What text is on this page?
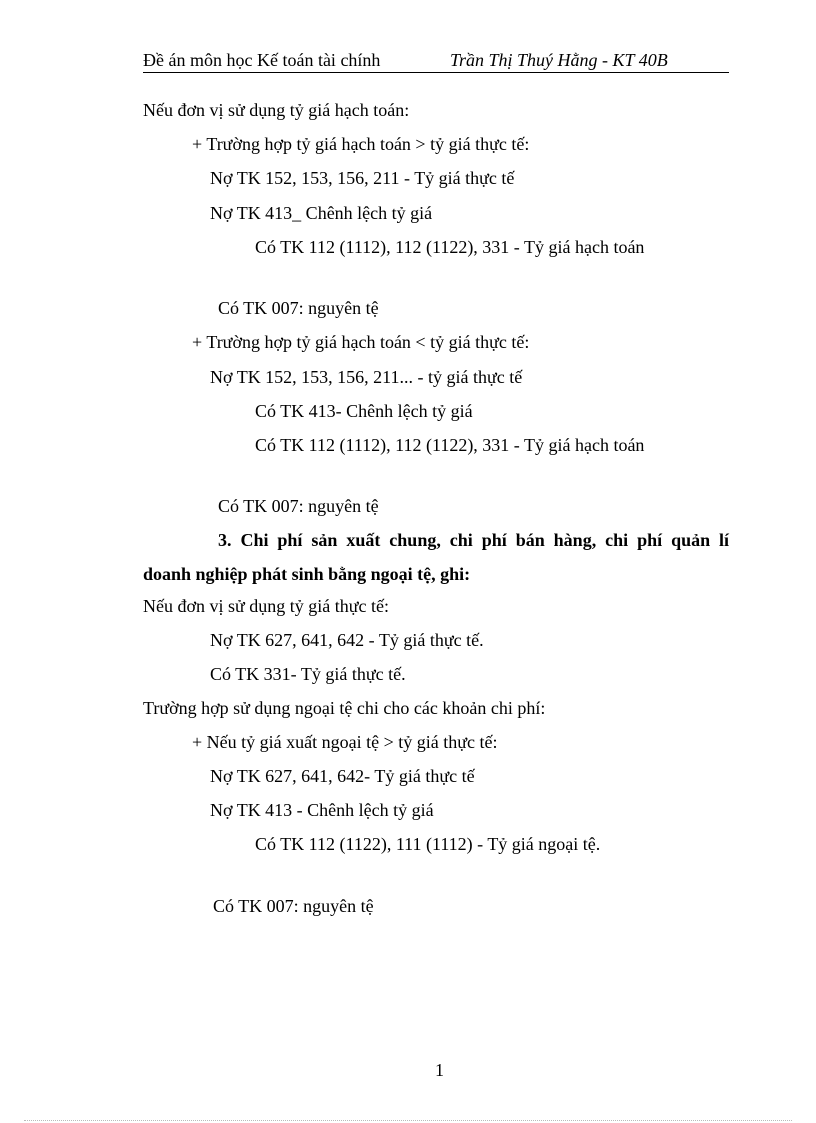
Đề án môn học Kế toán tài chính	Trần Thị Thuý Hằng - KT 40B
Nếu đơn vị sử dụng tỷ giá hạch toán:
+ Trường hợp tỷ giá hạch toán > tỷ giá thực tế:
Nợ TK 152, 153, 156, 211 - Tỷ giá thực tế
Nợ TK 413_ Chênh lệch tỷ giá
Có TK 112 (1112), 112 (1122), 331 - Tỷ giá hạch toán
Có TK 007: nguyên tệ
+ Trường hợp tỷ giá hạch toán < tỷ giá thực tế:
Nợ TK 152, 153, 156, 211... - tỷ giá thực tế
Có TK 413- Chênh lệch tỷ giá
Có TK 112 (1112), 112 (1122), 331 - Tỷ giá hạch toán
Có TK 007: nguyên tệ
3. Chi phí sản xuất chung, chi phí bán hàng, chi phí quản lí
doanh nghiệp phát sinh bằng ngoại tệ, ghi:
Nếu đơn vị sử dụng tỷ giá thực tế:
Nợ TK 627, 641, 642 - Tỷ giá thực tế.
Có TK 331- Tỷ giá thực tế.
Trường hợp sử dụng ngoại tệ chi cho các khoản chi phí:
+ Nếu tỷ giá xuất ngoại tệ > tỷ giá thực tế:
Nợ TK 627, 641, 642- Tỷ giá thực tế
Nợ TK 413 - Chênh lệch tỷ giá
Có TK 112 (1122), 111 (1112) - Tỷ giá ngoại tệ.
Có TK 007: nguyên tệ
1
